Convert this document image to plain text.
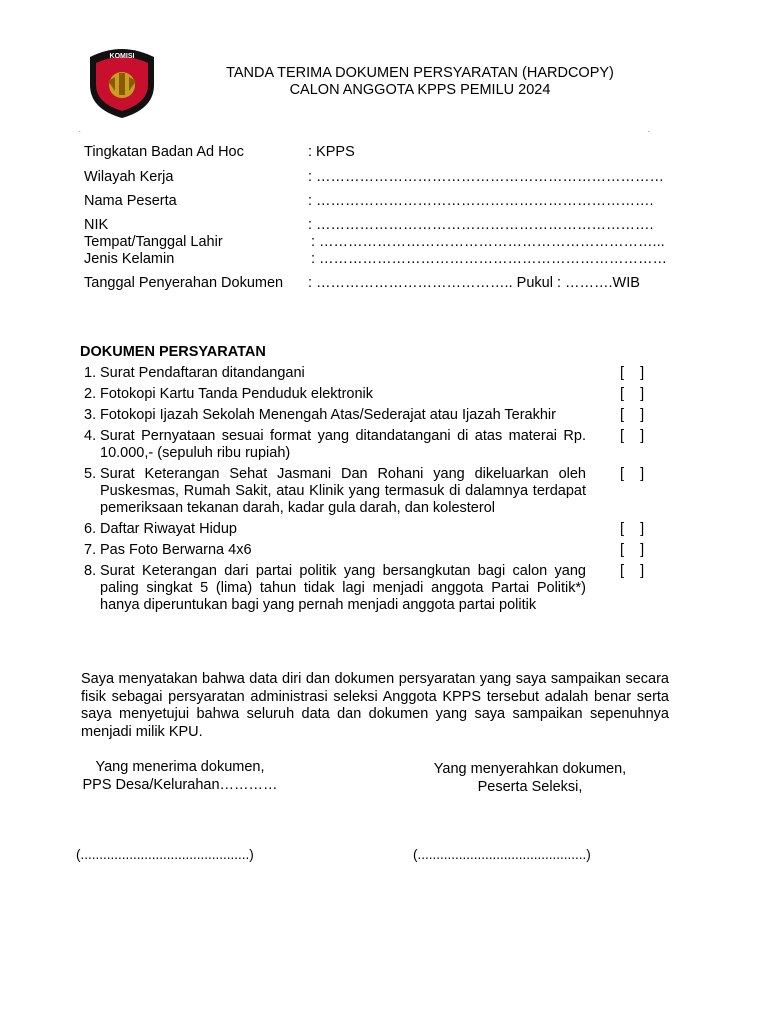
KOMISI
TANDA TERIMA DOKUMEN PERSYARATAN (HARDCOPY)
CALON ANGGOTA KPPS PEMILU 2024
.	.
Tingkatan Badan Ad Hoc	: KPPS
Wilayah Kerja	: ………………………………………………………………
Nama Peserta	: …………………………………………………………….
NIK	: …………………………………………………………….
Tempat/Tanggal Lahir	: ……………………………………………………………...
Jenis Kelamin	: ………………………………………………………………
Tanggal Penyerahan Dokumen : ………………………………….. Pukul : ……….WIB
DOKUMEN PERSYARATAN
1. Surat Pendaftaran ditandangani	[    ]
2. Fotokopi Kartu Tanda Penduduk elektronik	[    ]
3. Fotokopi Ijazah Sekolah Menengah Atas/Sederajat atau Ijazah Terakhir	[    ]
4. Surat Pernyataan sesuai format yang ditandatangani di atas materai Rp. 10.000,- (sepuluh ribu rupiah)
[    ]
5. Surat Keterangan Sehat Jasmani Dan Rohani yang dikeluarkan oleh Puskesmas, Rumah Sakit, atau Klinik yang termasuk di dalamnya terdapat pemeriksaan tekanan darah, kadar gula darah, dan kolesterol
[    ]
6. Daftar Riwayat Hidup	[    ]
7. Pas Foto Berwarna 4x6	[    ]
8. Surat Keterangan dari partai politik yang bersangkutan bagi calon yang paling singkat 5 (lima) tahun tidak lagi menjadi anggota Partai Politik*) hanya diperuntukan bagi yang pernah menjadi anggota partai politik
[    ]

Saya menyatakan bahwa data diri dan dokumen persyaratan yang saya sampaikan secara fisik sebagai persyaratan administrasi seleksi Anggota KPPS tersebut adalah benar serta saya menyetujui bahwa seluruh data dan dokumen yang saya sampaikan sepenuhnya menjadi milik KPU.

Yang menerima dokumen,
PPS Desa/Kelurahan…………
Yang menyerahkan dokumen,
Peserta Seleksi,
(.............................................)	(.............................................)
